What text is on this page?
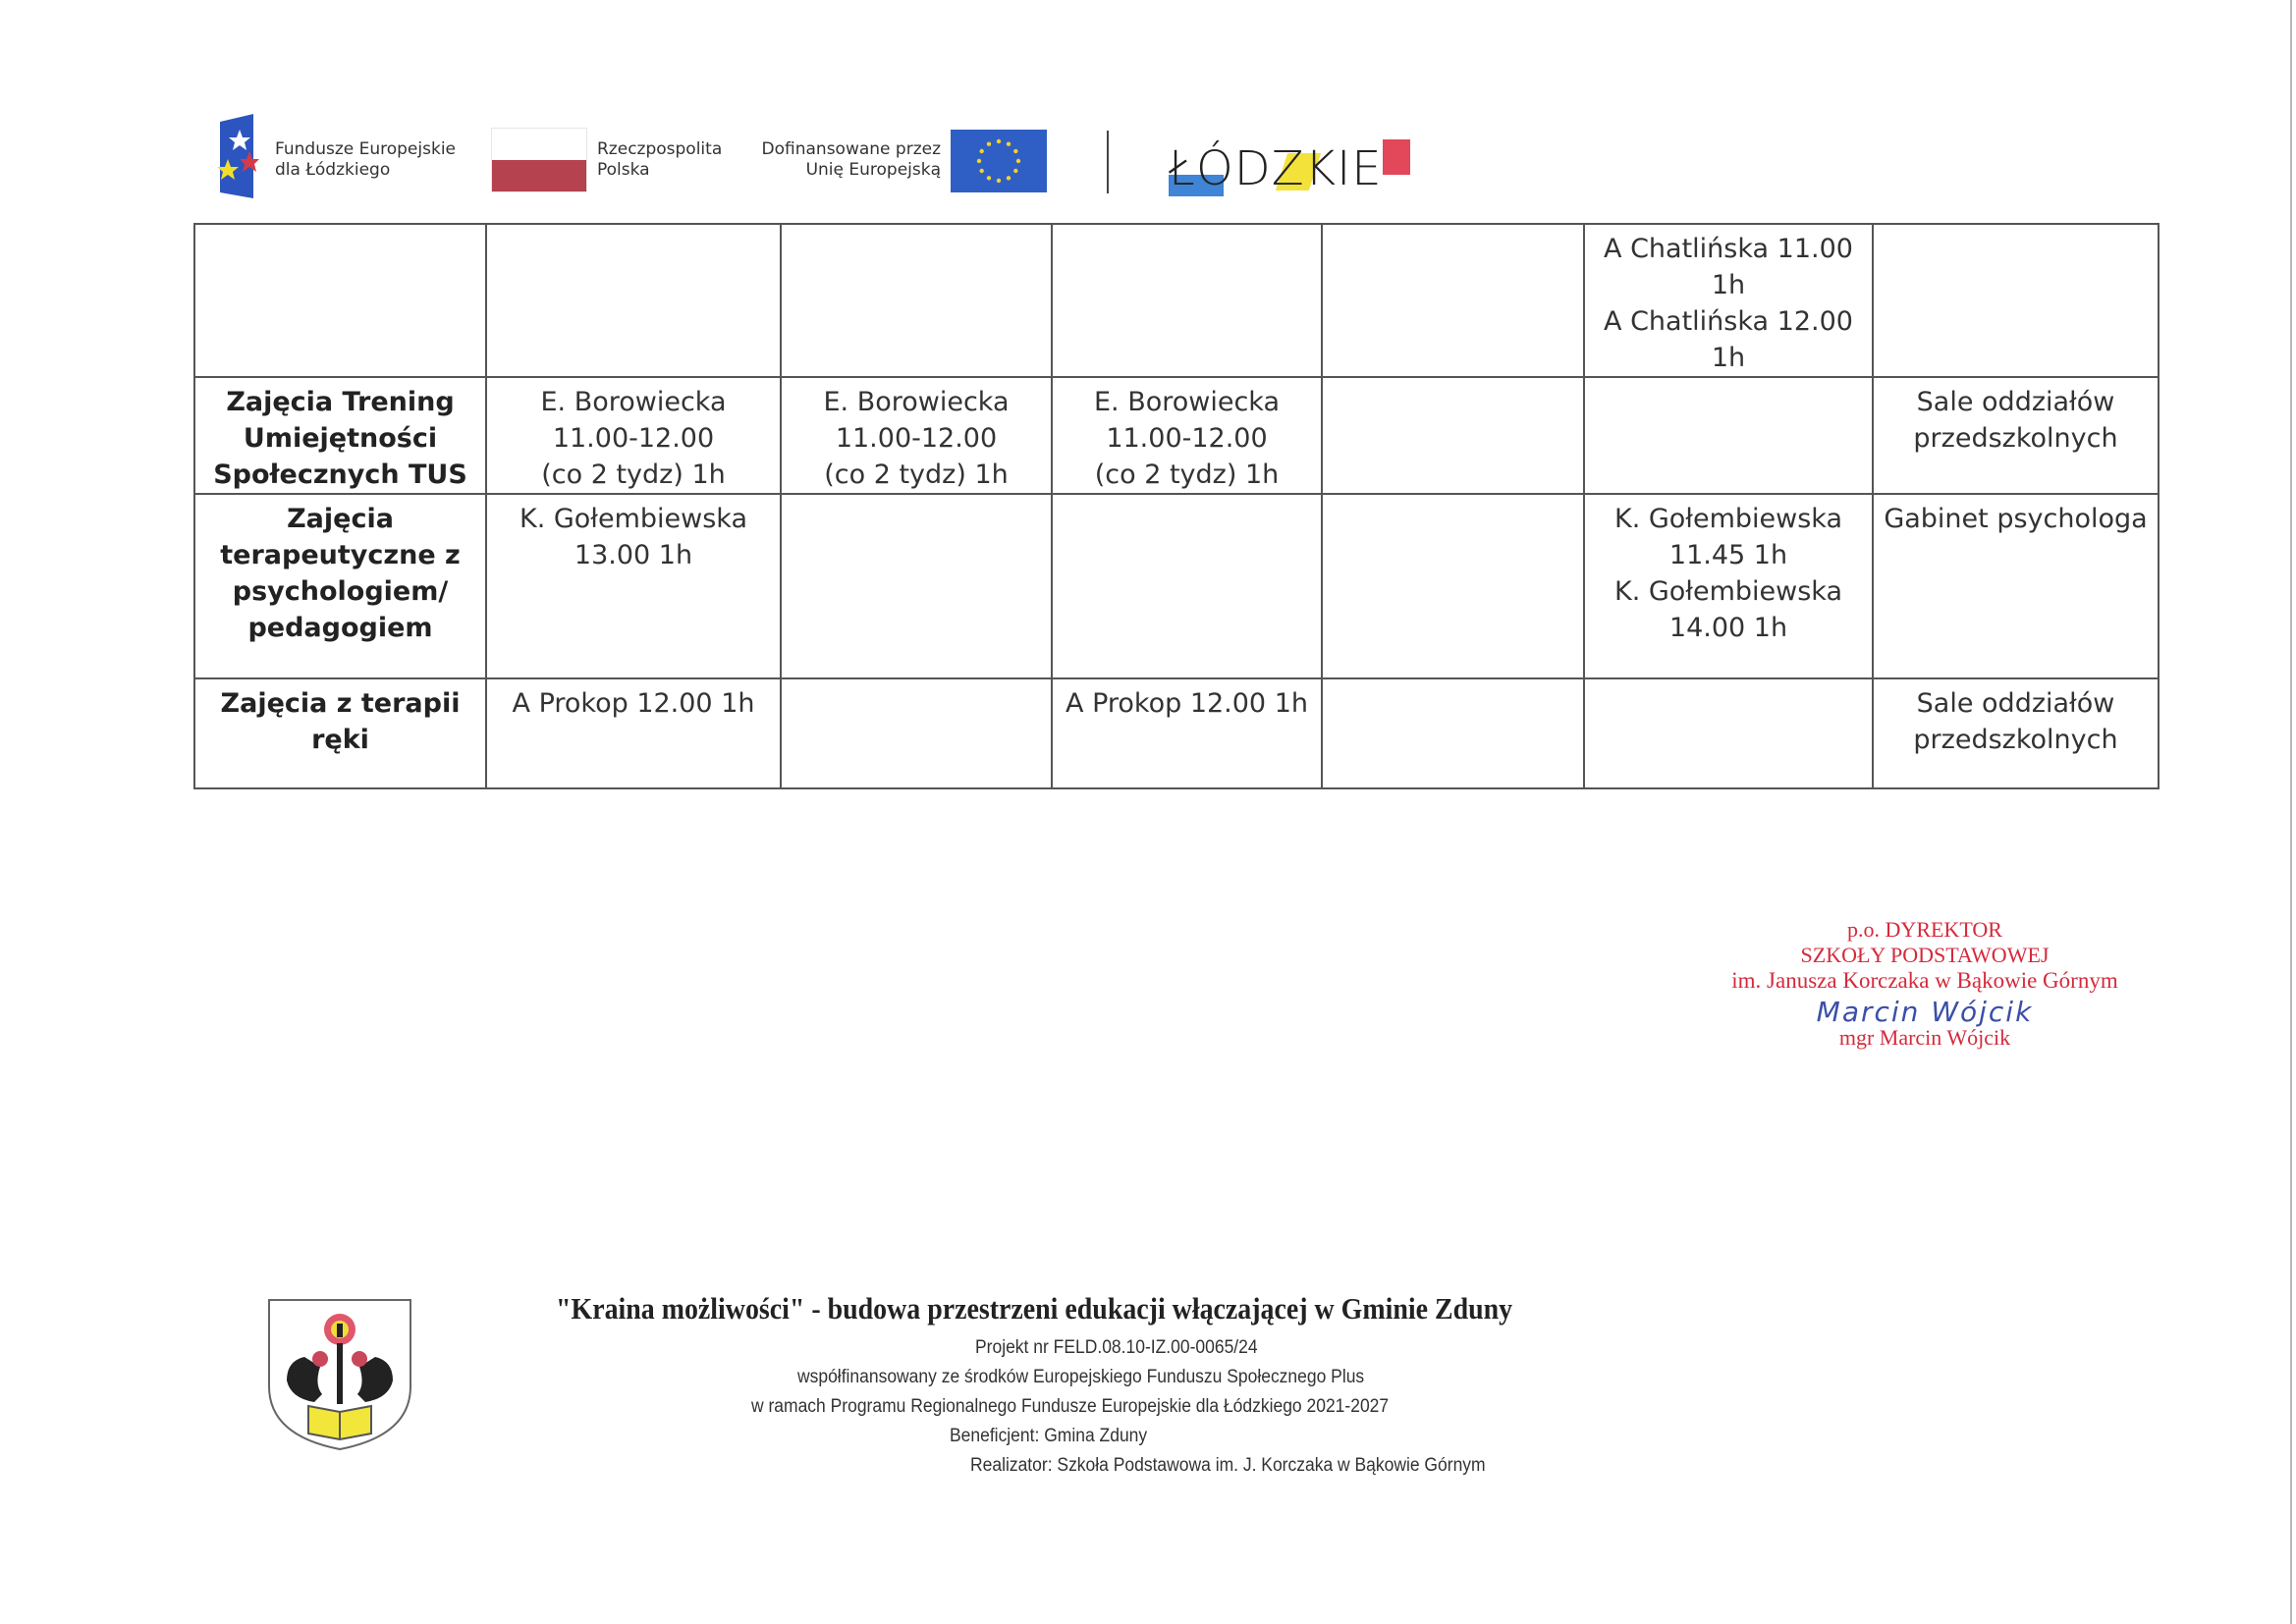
Fundusze Europejskie
dla Łódzkiego
Rzeczpospolita
Polska
Dofinansowane przez
Unię Europejską	ŁÓDZKIE

					A Chatlińska 11.00
1h
A Chatlińska 12.00
1h	

Zajęcia Trening
Umiejętności
Społecznych TUS	E. Borowiecka
11.00-12.00
(co 2 tydz) 1h	E. Borowiecka
11.00-12.00
(co 2 tydz) 1h	E. Borowiecka
11.00-12.00
(co 2 tydz) 1h			Sale oddziałów
przedszkolnych

Zajęcia
terapeutyczne z
psychologiem/
pedagogiem	K. Gołembiewska
13.00 1h				K. Gołembiewska
11.45 1h
K. Gołembiewska
14.00 1h	Gabinet psychologa

Zajęcia z terapii
ręki	A Prokop 12.00 1h		A Prokop 12.00 1h			Sale oddziałów
przedszkolnych
p.o. DYREKTOR
SZKOŁY PODSTAWOWEJ
im. Janusza Korczaka w Bąkowie Górnym
Marcin Wójcik
mgr Marcin Wójcik
"Kraina możliwości" - budowa przestrzeni edukacji włączającej w Gminie Zduny
Projekt nr FELD.08.10-IZ.00-0065/24
współfinansowany ze środków Europejskiego Funduszu Społecznego Plus
w ramach Programu Regionalnego Fundusze Europejskie dla Łódzkiego 2021-2027
Beneficjent: Gmina Zduny
Realizator: Szkoła Podstawowa im. J. Korczaka w Bąkowie Górnym
